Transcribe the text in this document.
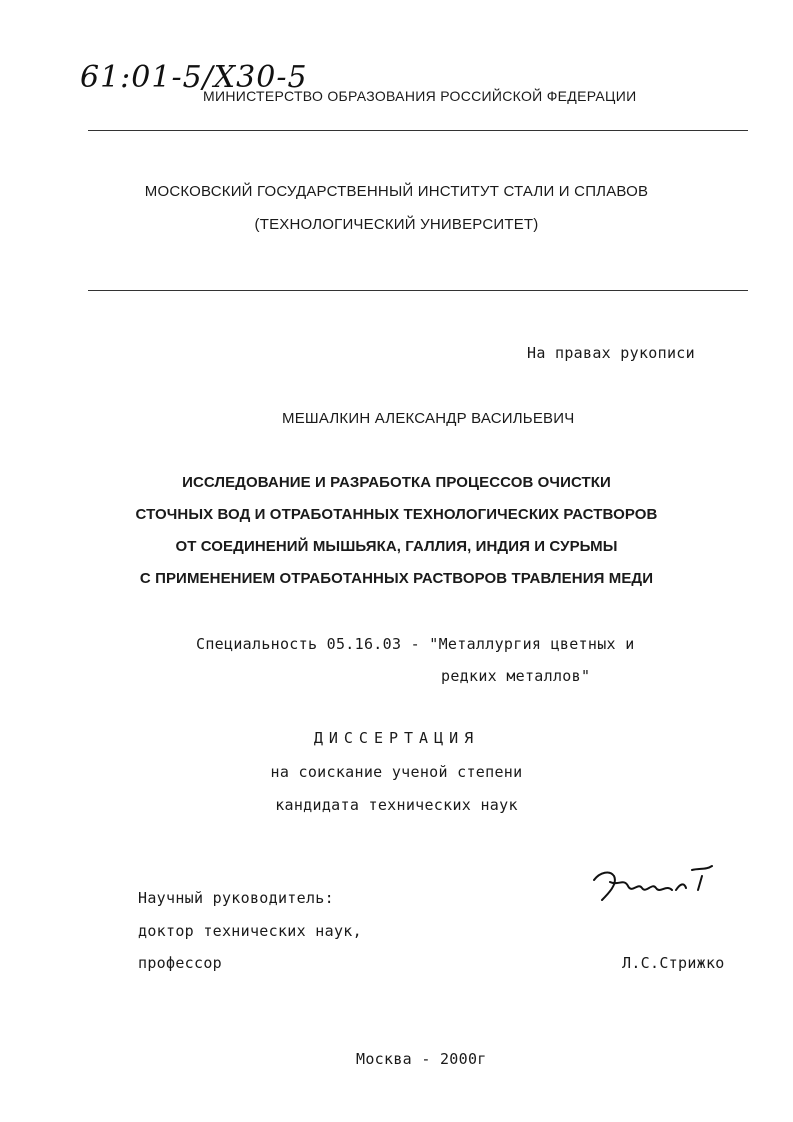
61:01-5/Х30-5
МИНИСТЕРСТВО ОБРАЗОВАНИЯ РОССИЙСКОЙ ФЕДЕРАЦИИ
МОСКОВСКИЙ ГОСУДАРСТВЕННЫЙ ИНСТИТУТ СТАЛИ И СПЛАВОВ
(ТЕХНОЛОГИЧЕСКИЙ УНИВЕРСИТЕТ)
На правах рукописи
МЕШАЛКИН АЛЕКСАНДР ВАСИЛЬЕВИЧ
ИССЛЕДОВАНИЕ И РАЗРАБОТКА ПРОЦЕССОВ ОЧИСТКИ
СТОЧНЫХ ВОД И ОТРАБОТАННЫХ ТЕХНОЛОГИЧЕСКИХ РАСТВОРОВ
ОТ СОЕДИНЕНИЙ МЫШЬЯКА, ГАЛЛИЯ, ИНДИЯ И СУРЬМЫ
С ПРИМЕНЕНИЕМ ОТРАБОТАННЫХ РАСТВОРОВ ТРАВЛЕНИЯ МЕДИ
Специальность 05.16.03 - "Металлургия цветных и
редких металлов"
ДИССЕРТАЦИЯ
на соискание ученой степени
кандидата технических наук
Научный руководитель:
доктор технических наук,
профессор	Л.С.Стрижко
Москва - 2000г
